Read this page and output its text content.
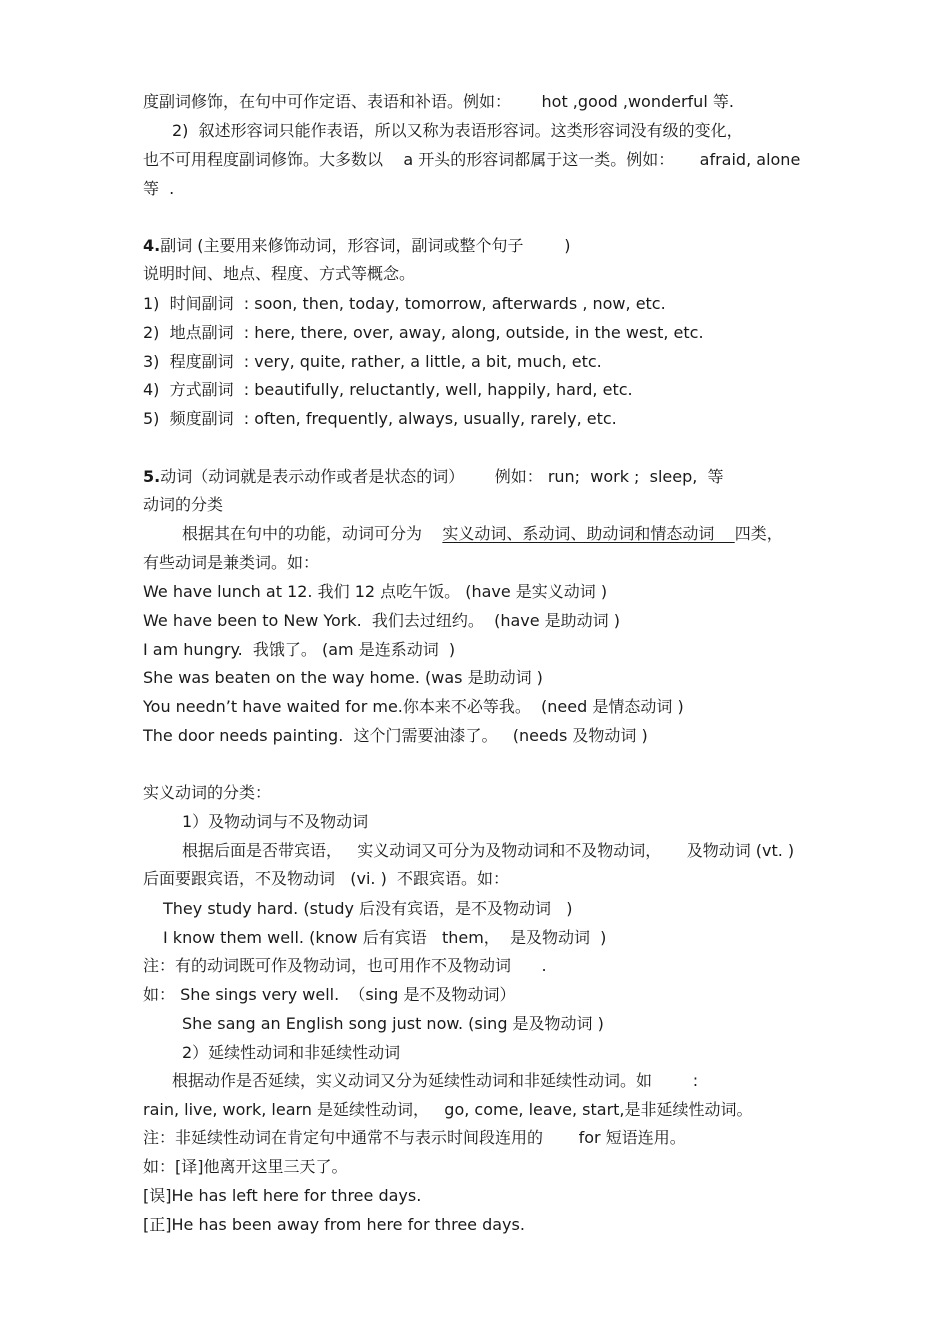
度副词修饰，在句中可作定语、表语和补语。例如：      hot ,good ,wonderful 等.
2)  叙述形容词只能作表语，所以又称为表语形容词。这类形容词没有级的变化，
也不可用程度副词修饰。大多数以    a 开头的形容词都属于这一类。例如：     afraid, alone
等  .
4.副词 (主要用来修饰动词，形容词，副词或整个句子        )
说明时间、地点、程度、方式等概念。
1)  时间副词  : soon, then, today, tomorrow, afterwards , now, etc.
2)  地点副词  : here, there, over, away, along, outside, in the west, etc.
3)  程度副词  : very, quite, rather, a little, a bit, much, etc.
4)  方式副词  : beautifully, reluctantly, well, happily, hard, etc.
5)  频度副词  : often, frequently, always, usually, rarely, etc.
5.动词（动词就是表示动作或者是状态的词）      例如： run;  work ;  sleep,  等
动词的分类
根据其在句中的功能，动词可分为    实义动词、系动词、助动词和情态动词    四类，
有些动词是兼类词。如：
We have lunch at 12. 我们 12 点吃午饭。 (have 是实义动词 )
We have been to New York.  我们去过纽约。  (have 是助动词 )
I am hungry.  我饿了。 (am 是连系动词  )
She was beaten on the way home. (was 是助动词 )
You needn’t have waited for me.你本来不必等我。  (need 是情态动词 )
The door needs painting.  这个门需要油漆了。   (needs 及物动词 )
实义动词的分类：
1）及物动词与不及物动词
根据后面是否带宾语，   实义动词又可分为及物动词和不及物动词，     及物动词 (vt. )
后面要跟宾语，不及物动词   (vi. )  不跟宾语。如：
They study hard. (study 后没有宾语，是不及物动词   )
I know them well. (know 后有宾语   them，  是及物动词  )
注：有的动词既可作及物动词，也可用作不及物动词      .
如： She sings very well.  （sing 是不及物动词）
She sang an English song just now. (sing 是及物动词 )
2）延续性动词和非延续性动词
根据动作是否延续，实义动词又分为延续性动词和非延续性动词。如        :
rain, live, work, learn 是延续性动词，   go, come, leave, start,是非延续性动词。
注：非延续性动词在肯定句中通常不与表示时间段连用的       for 短语连用。
如：[译]他离开这里三天了。
[误]He has left here for three days.
[正]He has been away from here for three days.
